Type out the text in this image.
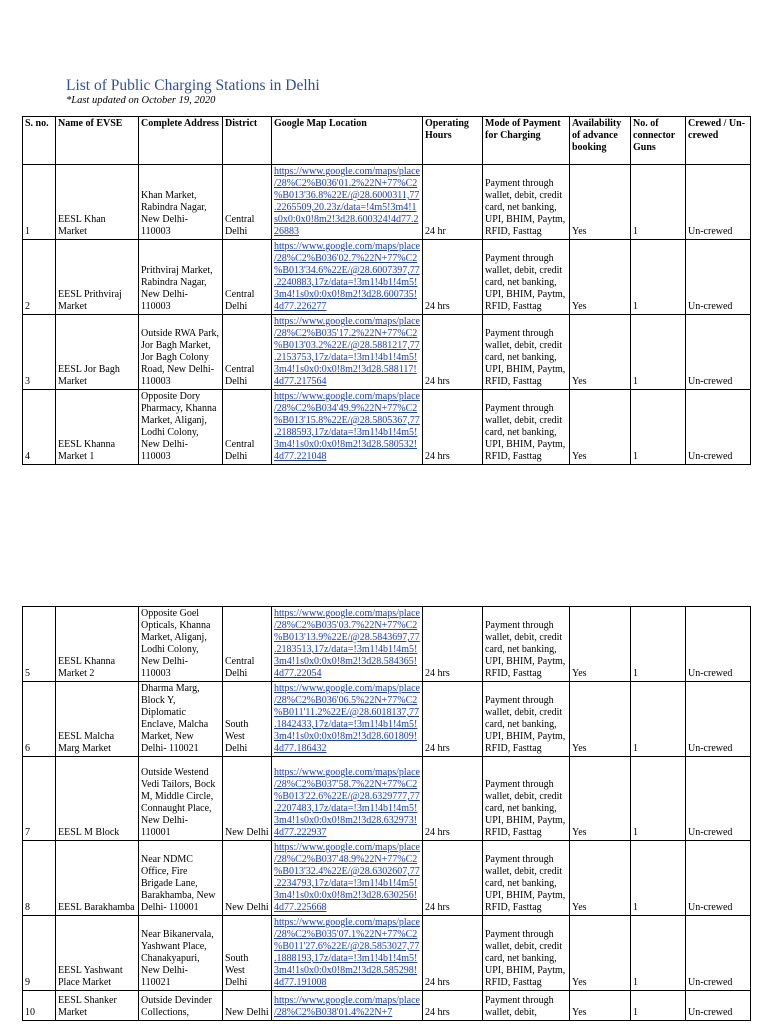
List of Public Charging Stations in Delhi
*Last updated on October 19, 2020
S. no.	Name of EVSE	Complete Address	District	Google Map Location	Operating Hours	Mode of Payment for Charging	Availability of advance booking	No. of connector Guns	Crewed / Un-crewed
1	EESL Khan Market	Khan Market, Rabindra Nagar, New Delhi- 110003	Central Delhi	https://www.google.com/maps/place/28%C2%B036'01.2%22N+77%C2%B013'36.8%22E/@28.6000311,77.2265509,20.23z/data=!4m5!3m4!1s0x0:0x0!8m2!3d28.600324!4d77.226883	24 hr	Payment through wallet, debit, credit card, net banking, UPI, BHIM, Paytm, RFID, Fasttag	Yes	1	Un-crewed
2	EESL Prithviraj Market	Prithviraj Market, Rabindra Nagar, New Delhi- 110003	Central Delhi	https://www.google.com/maps/place/28%C2%B036'02.7%22N+77%C2%B013'34.6%22E/@28.6007397,77.2240883,17z/data=!3m1!4b1!4m5!3m4!1s0x0:0x0!8m2!3d28.600735!4d77.226277	24 hrs	Payment through wallet, debit, credit card, net banking, UPI, BHIM, Paytm, RFID, Fasttag	Yes	1	Un-crewed
3	EESL Jor Bagh Market	Outside RWA Park, Jor Bagh Market, Jor Bagh Colony Road, New Delhi- 110003	Central Delhi	https://www.google.com/maps/place/28%C2%B035'17.2%22N+77%C2%B013'03.2%22E/@28.5881217,77.2153753,17z/data=!3m1!4b1!4m5!3m4!1s0x0:0x0!8m2!3d28.588117!4d77.217564	24 hrs	Payment through wallet, debit, credit card, net banking, UPI, BHIM, Paytm, RFID, Fasttag	Yes	1	Un-crewed
4	EESL Khanna Market 1	Opposite Dory Pharmacy, Khanna Market, Aliganj, Lodhi Colony, New Delhi- 110003	Central Delhi	https://www.google.com/maps/place/28%C2%B034'49.9%22N+77%C2%B013'15.8%22E/@28.5805367,77.2188593,17z/data=!3m1!4b1!4m5!3m4!1s0x0:0x0!8m2!3d28.580532!4d77.221048	24 hrs	Payment through wallet, debit, credit card, net banking, UPI, BHIM, Paytm, RFID, Fasttag	Yes	1	Un-crewed
5	EESL Khanna Market 2	Opposite Goel Opticals, Khanna Market, Aliganj, Lodhi Colony, New Delhi- 110003	Central Delhi	https://www.google.com/maps/place/28%C2%B035'03.7%22N+77%C2%B013'13.9%22E/@28.5843697,77.2183513,17z/data=!3m1!4b1!4m5!3m4!1s0x0:0x0!8m2!3d28.584365!4d77.22054	24 hrs	Payment through wallet, debit, credit card, net banking, UPI, BHIM, Paytm, RFID, Fasttag	Yes	1	Un-crewed
6	EESL Malcha Marg Market	Dharma Marg, Block Y, Diplomatic Enclave, Malcha Market, New Delhi- 110021	South West Delhi	https://www.google.com/maps/place/28%C2%B036'06.5%22N+77%C2%B011'11.2%22E/@28.6018137,77.1842433,17z/data=!3m1!4b1!4m5!3m4!1s0x0:0x0!8m2!3d28.601809!4d77.186432	24 hrs	Payment through wallet, debit, credit card, net banking, UPI, BHIM, Paytm, RFID, Fasttag	Yes	1	Un-crewed
7	EESL M Block	Outside Westend Vedi Tailors, Bock M, Middle Circle, Connaught Place, New Delhi- 110001	New Delhi	https://www.google.com/maps/place/28%C2%B037'58.7%22N+77%C2%B013'22.6%22E/@28.6329777,77.2207483,17z/data=!3m1!4b1!4m5!3m4!1s0x0:0x0!8m2!3d28.632973!4d77.222937	24 hrs	Payment through wallet, debit, credit card, net banking, UPI, BHIM, Paytm, RFID, Fasttag	Yes	1	Un-crewed
8	EESL Barakhamba	Near NDMC Office, Fire Brigade Lane, Barakhamba, New Delhi- 110001	New Delhi	https://www.google.com/maps/place/28%C2%B037'48.9%22N+77%C2%B013'32.4%22E/@28.6302607,77.2234793,17z/data=!3m1!4b1!4m5!3m4!1s0x0:0x0!8m2!3d28.630256!4d77.225668	24 hrs	Payment through wallet, debit, credit card, net banking, UPI, BHIM, Paytm, RFID, Fasttag	Yes	1	Un-crewed
9	EESL Yashwant Place Market	Near Bikanervala, Yashwant Place, Chanakyapuri, New Delhi- 110021	South West Delhi	https://www.google.com/maps/place/28%C2%B035'07.1%22N+77%C2%B011'27.6%22E/@28.5853027,77.1888193,17z/data=!3m1!4b1!4m5!3m4!1s0x0:0x0!8m2!3d28.585298!4d77.191008	24 hrs	Payment through wallet, debit, credit card, net banking, UPI, BHIM, Paytm, RFID, Fasttag	Yes	1	Un-crewed
10	EESL Shanker Market	Outside Devinder Collections,	New Delhi	https://www.google.com/maps/place/28%C2%B038'01.4%22N+7	24 hrs	Payment through wallet, debit,	Yes	1	Un-crewed
